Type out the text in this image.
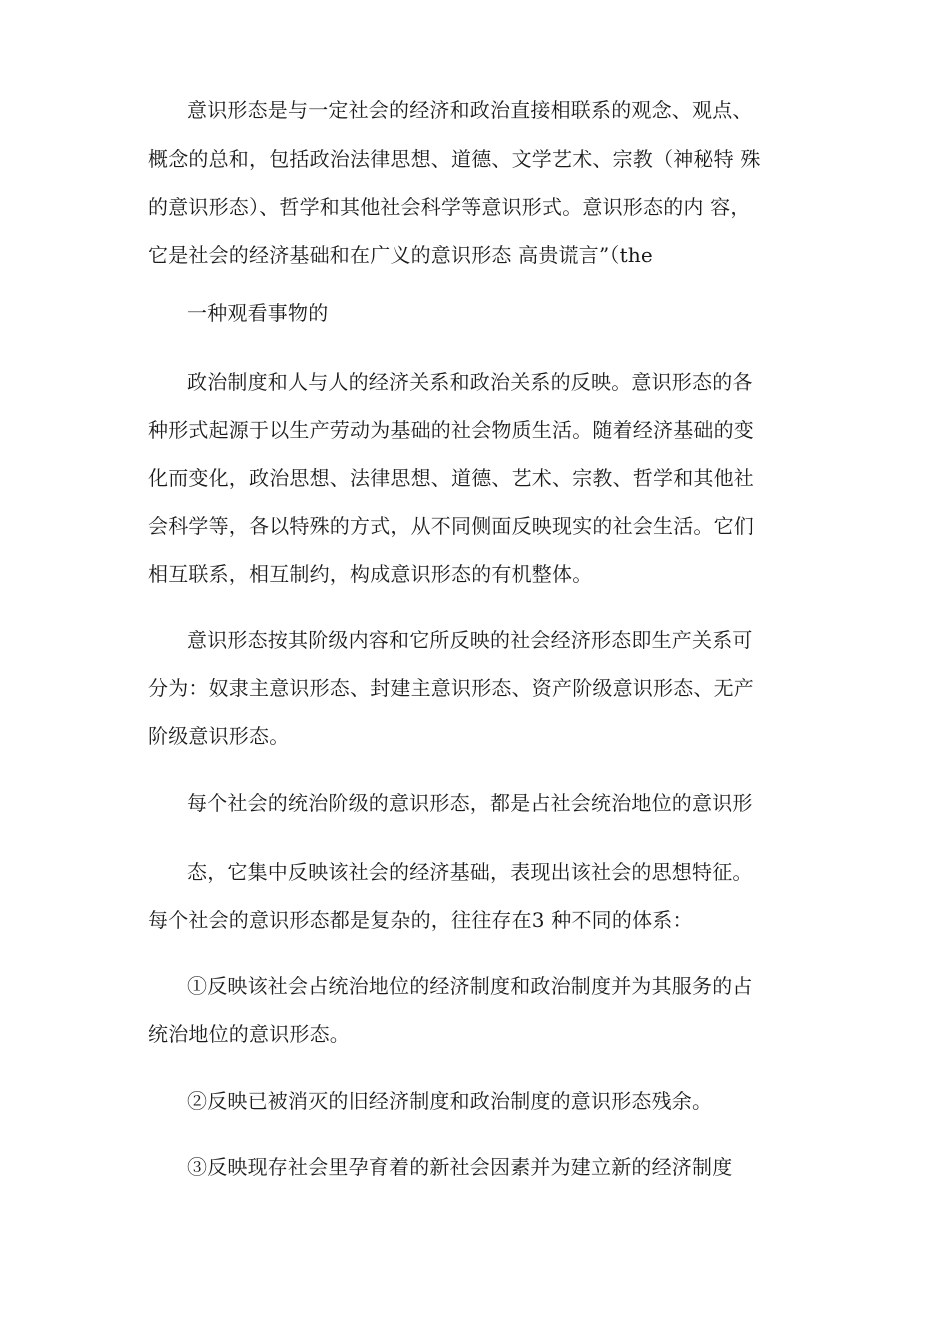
意识形态是与一定社会的经济和政治直接相联系的观念、观点、
概念的总和，包括政治法律思想、道德、文学艺术、宗教（神秘特 殊
的意识形态）、哲学和其他社会科学等意识形式。意识形态的内 容，
它是社会的经济基础和在广义的意识形态 高贵谎言”（the
一种观看事物的
政治制度和人与人的经济关系和政治关系的反映。意识形态的各
种形式起源于以生产劳动为基础的社会物质生活。随着经济基础的变
化而变化，政治思想、法律思想、道德、艺术、宗教、哲学和其他社
会科学等，各以特殊的方式，从不同侧面反映现实的社会生活。它们
相互联系，相互制约，构成意识形态的有机整体。
意识形态按其阶级内容和它所反映的社会经济形态即生产关系可
分为：奴隶主意识形态、封建主意识形态、资产阶级意识形态、无产
阶级意识形态。
每个社会的统治阶级的意识形态，都是占社会统治地位的意识形
态，它集中反映该社会的经济基础，表现出该社会的思想特征。
每个社会的意识形态都是复杂的，往往存在3 种不同的体系：
①反映该社会占统治地位的经济制度和政治制度并为其服务的占
统治地位的意识形态。
②反映已被消灭的旧经济制度和政治制度的意识形态残余。
③反映现存社会里孕育着的新社会因素并为建立新的经济制度
